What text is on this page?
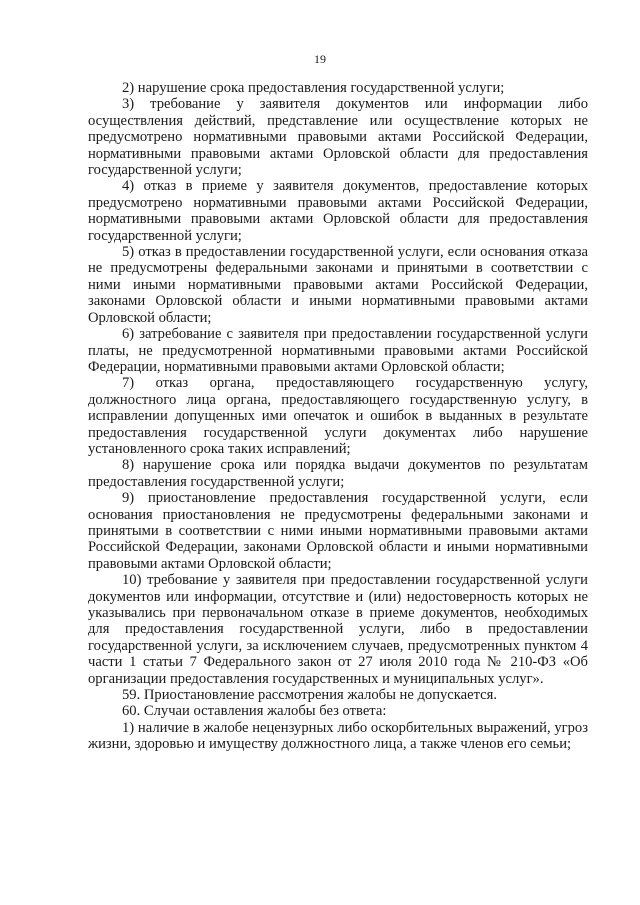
19

2) нарушение срока предоставления государственной услуги;

3) требование у заявителя документов или информации либо осуществления действий, представление или осуществление которых не предусмотрено нормативными правовыми актами Российской Федерации, нормативными правовыми актами Орловской области для предоставления государственной услуги;

4) отказ в приеме у заявителя документов, предоставление которых предусмотрено нормативными правовыми актами Российской Федерации, нормативными правовыми актами Орловской области для предоставления государственной услуги;

5) отказ в предоставлении государственной услуги, если основания отказа не предусмотрены федеральными законами и принятыми в соответствии с ними иными нормативными правовыми актами Российской Федерации, законами Орловской области и иными нормативными правовыми актами Орловской области;

6) затребование с заявителя при предоставлении государственной услуги платы, не предусмотренной нормативными правовыми актами Российской Федерации, нормативными правовыми актами Орловской области;

7) отказ органа, предоставляющего государственную услугу, должностного лица органа, предоставляющего государственную услугу, в исправлении допущенных ими опечаток и ошибок в выданных в результате предоставления государственной услуги документах либо нарушение установленного срока таких исправлений;

8) нарушение срока или порядка выдачи документов по результатам предоставления государственной услуги;

9) приостановление предоставления государственной услуги, если основания приостановления не предусмотрены федеральными законами и принятыми в соответствии с ними иными нормативными правовыми актами Российской Федерации, законами Орловской области и иными нормативными правовыми актами Орловской области;

10) требование у заявителя при предоставлении государственной услуги документов или информации, отсутствие и (или) недостоверность которых не указывались при первоначальном отказе в приеме документов, необходимых для предоставления государственной услуги, либо в предоставлении государственной услуги, за исключением случаев, предусмотренных пунктом 4 части 1 статьи 7 Федерального закон от 27 июля 2010 года № 210-ФЗ «Об организации предоставления государственных и муниципальных услуг».

59. Приостановление рассмотрения жалобы не допускается.

60. Случаи оставления жалобы без ответа:

1) наличие в жалобе нецензурных либо оскорбительных выражений, угроз жизни, здоровью и имуществу должностного лица, а также членов его семьи;
